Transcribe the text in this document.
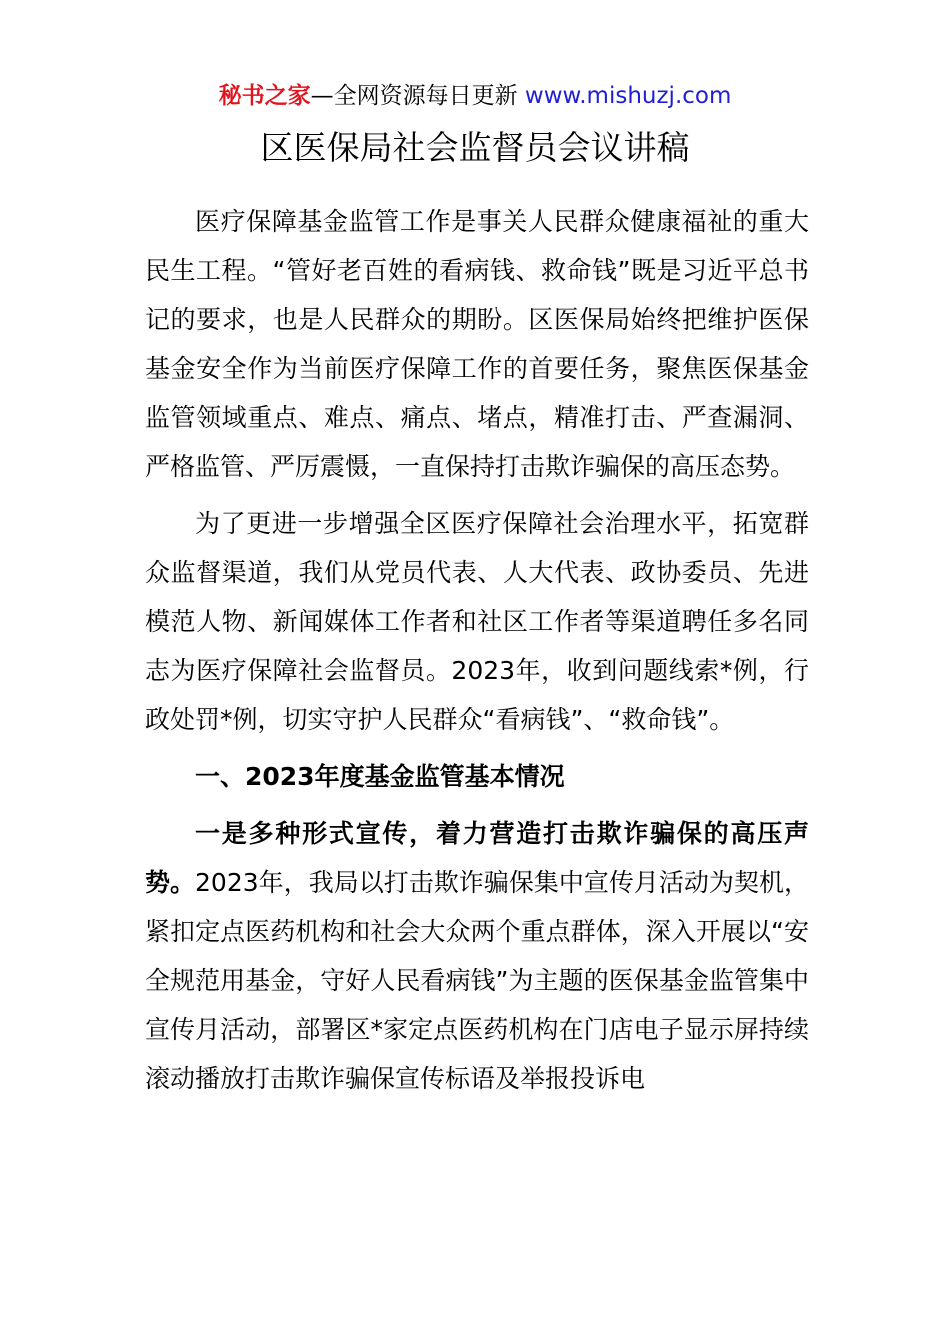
秘书之家—全网资源每日更新 www.mishuzj.com
区医保局社会监督员会议讲稿

医疗保障基金监管工作是事关人民群众健康福祉的重大民生工程。“管好老百姓的看病钱、救命钱”既是习近平总书记的要求，也是人民群众的期盼。区医保局始终把维护医保基金安全作为当前医疗保障工作的首要任务，聚焦医保基金监管领域重点、难点、痛点、堵点，精准打击、严查漏洞、严格监管、严厉震慑，一直保持打击欺诈骗保的高压态势。

为了更进一步增强全区医疗保障社会治理水平，拓宽群众监督渠道，我们从党员代表、人大代表、政协委员、先进模范人物、新闻媒体工作者和社区工作者等渠道聘任多名同志为医疗保障社会监督员。2023年，收到问题线索*例，行政处罚*例，切实守护人民群众“看病钱”、“救命钱”。

一、2023年度基金监管基本情况

一是多种形式宣传，着力营造打击欺诈骗保的高压声势。2023年，我局以打击欺诈骗保集中宣传月活动为契机，紧扣定点医药机构和社会大众两个重点群体，深入开展以“安全规范用基金，守好人民看病钱”为主题的医保基金监管集中宣传月活动，部署区*家定点医药机构在门店电子显示屏持续滚动播放打击欺诈骗保宣传标语及举报投诉电
